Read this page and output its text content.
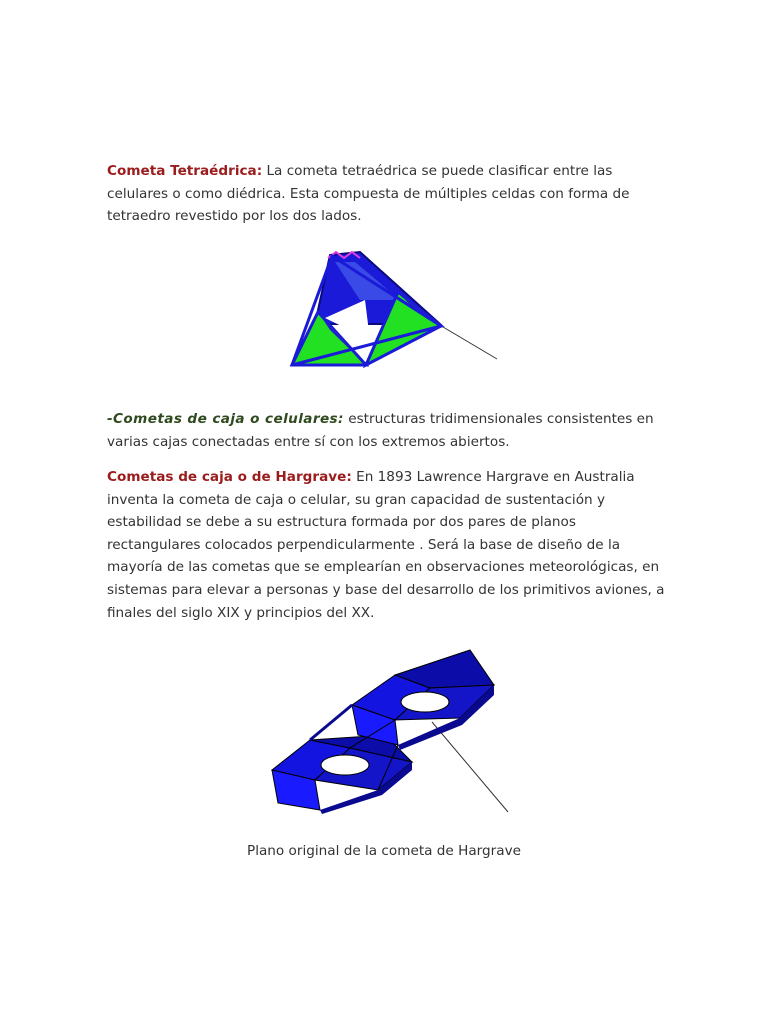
Cometa Tetraédrica: La cometa tetraédrica se puede clasificar entre las celulares o como diédrica. Esta compuesta de múltiples celdas con forma de tetraedro revestido por los dos lados.

-Cometas de caja o celulares: estructuras tridimensionales consistentes en varias cajas conectadas entre sí con los extremos abiertos.

Cometas de caja o de Hargrave: En 1893 Lawrence Hargrave en Australia inventa la cometa de caja o celular, su gran capacidad de sustentación y estabilidad se debe a su estructura formada por dos pares de planos rectangulares colocados perpendicularmente . Será la base de diseño de la mayoría de las cometas que se emplearían en observaciones meteorológicas, en sistemas para elevar a personas y base del desarrollo de los primitivos aviones, a finales del siglo XIX y principios del XX.

Plano original de la cometa de Hargrave
